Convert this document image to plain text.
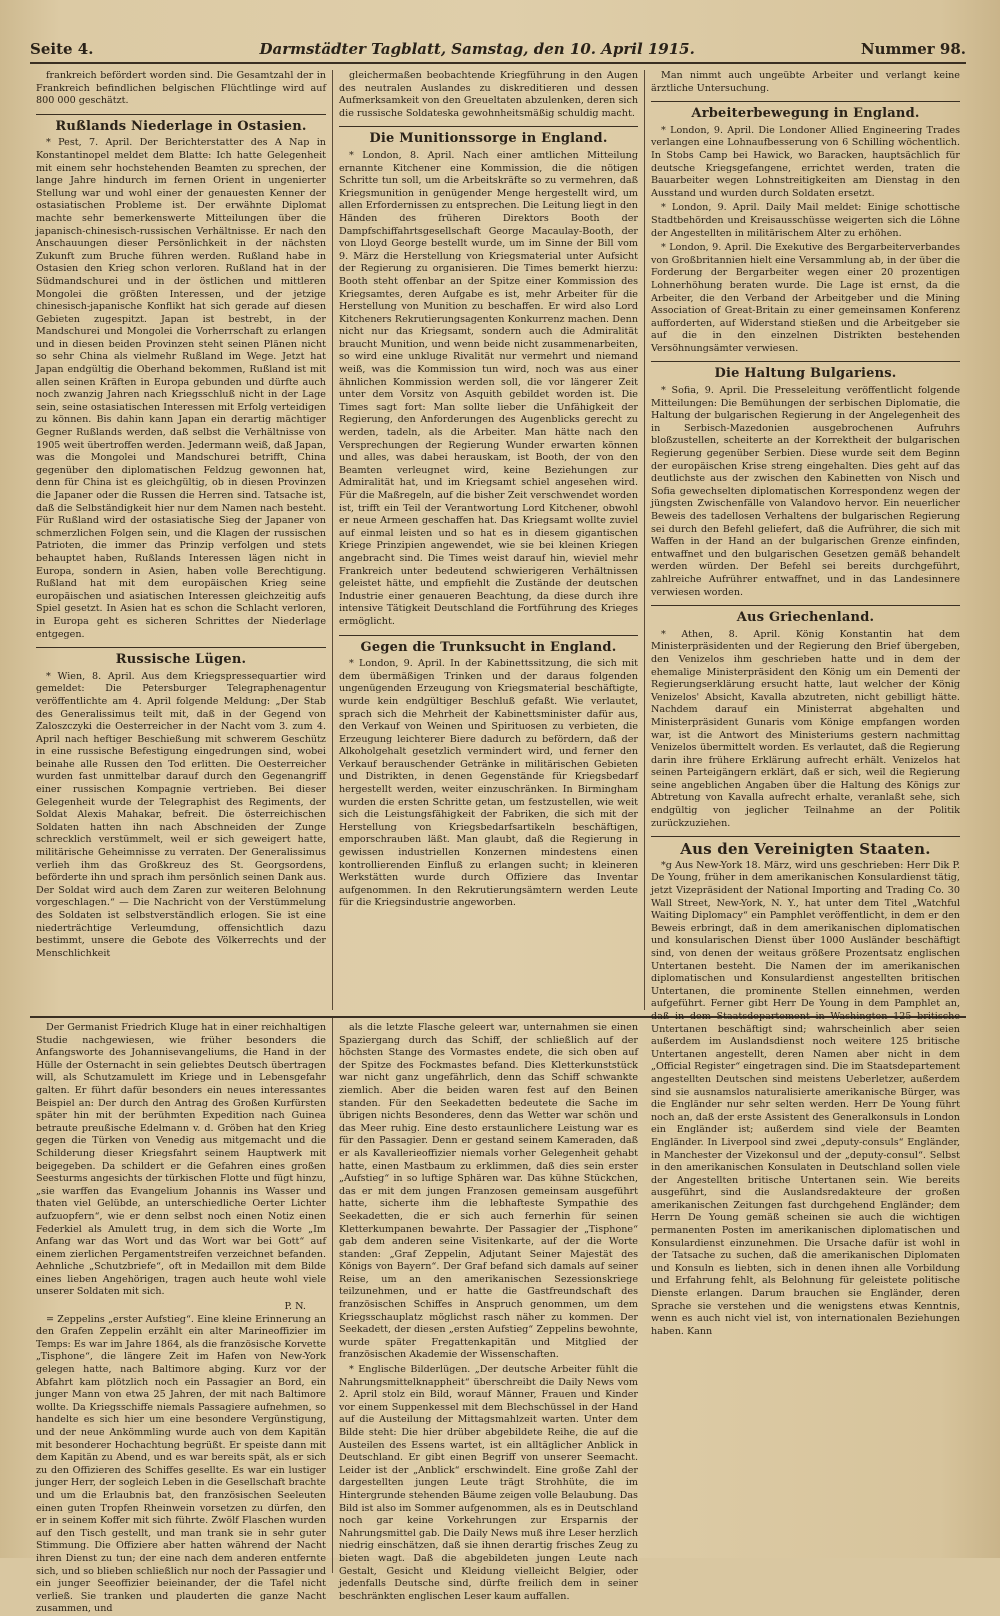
Seite 4.	Darmstädter Tagblatt, Samstag, den 10. April 1915.	Nummer 98.

frankreich befördert worden sind. Die Gesamtzahl der in Frankreich befindlichen belgischen Flüchtlinge wird auf 800 000 geschätzt.

Rußlands Niederlage in Ostasien.

* Pest, 7. April. Der Berichterstatter des A Nap in Konstantinopel meldet dem Blatte: Ich hatte Gelegenheit mit einem sehr hochstehenden Beamten zu sprechen, der lange Jahre hindurch im fernen Orient in ungenierter Stellung war und wohl einer der genauesten Kenner der ostasiatischen Probleme ist. Der erwähnte Diplomat machte sehr bemerkenswerte Mitteilungen über die japanisch-chinesisch-russischen Verhältnisse. Er nach den Anschauungen dieser Persönlichkeit in der nächsten Zukunft zum Bruche führen werden. Rußland habe in Ostasien den Krieg schon verloren. Rußland hat in der Südmandschurei und in der östlichen und mittleren Mongolei die größten Interessen, und der jetzige chinesisch-japanische Konflikt hat sich gerade auf diesen Gebieten zugespitzt. Japan ist bestrebt, in der Mandschurei und Mongolei die Vorherrschaft zu erlangen und in diesen beiden Provinzen steht seinen Plänen nicht so sehr China als vielmehr Rußland im Wege. Jetzt hat Japan endgültig die Oberhand bekommen, Rußland ist mit allen seinen Kräften in Europa gebunden und dürfte auch noch zwanzig Jahren nach Kriegsschluß nicht in der Lage sein, seine ostasiatischen Interessen mit Erfolg verteidigen zu können. Bis dahin kann Japan ein derartig mächtiger Gegner Rußlands werden, daß selbst die Verhältnisse von 1905 weit übertroffen werden. Jedermann weiß, daß Japan, was die Mongolei und Mandschurei betrifft, China gegenüber den diplomatischen Feldzug gewonnen hat, denn für China ist es gleichgültig, ob in diesen Provinzen die Japaner oder die Russen die Herren sind. Tatsache ist, daß die Selbständigkeit hier nur dem Namen nach besteht. Für Rußland wird der ostasiatische Sieg der Japaner von schmerzlichen Folgen sein, und die Klagen der russischen Patrioten, die immer das Prinzip verfolgen und stets behauptet haben, Rußlands Interessen lägen nicht in Europa, sondern in Asien, haben volle Berechtigung. Rußland hat mit dem europäischen Krieg seine europäischen und asiatischen Interessen gleichzeitig aufs Spiel gesetzt. In Asien hat es schon die Schlacht verloren, in Europa geht es sicheren Schrittes der Niederlage entgegen.

Russische Lügen.

* Wien, 8. April. Aus dem Kriegspressequartier wird gemeldet: Die Petersburger Telegraphenagentur veröffentlichte am 4. April folgende Meldung: „Der Stab des Generalissimus teilt mit, daß in der Gegend von Zaloszczyki die Oesterreicher in der Nacht vom 3. zum 4. April nach heftiger Beschießung mit schwerem Geschütz in eine russische Befestigung eingedrungen sind, wobei beinahe alle Russen den Tod erlitten. Die Oesterreicher wurden fast unmittelbar darauf durch den Gegenangriff einer russischen Kompagnie vertrieben. Bei dieser Gelegenheit wurde der Telegraphist des Regiments, der Soldat Alexis Mahakar, befreit. Die österreichischen Soldaten hatten ihn nach Abschneiden der Zunge schrecklich verstümmelt, weil er sich geweigert hatte, militärische Geheimnisse zu verraten. Der Generalissimus verlieh ihm das Großkreuz des St. Georgsordens, beförderte ihn und sprach ihm persönlich seinen Dank aus. Der Soldat wird auch dem Zaren zur weiteren Belohnung vorgeschlagen.“ — Die Nachricht von der Verstümmelung des Soldaten ist selbstverständlich erlogen. Sie ist eine niederträchtige Verleumdung, offensichtlich dazu bestimmt, unsere die Gebote des Völkerrechts und der Menschlichkeit

gleichermaßen beobachtende Kriegführung in den Augen des neutralen Auslandes zu diskreditieren und dessen Aufmerksamkeit von den Greueltaten abzulenken, deren sich die russische Soldateska gewohnheitsmäßig schuldig macht.

Die Munitionssorge in England.

* London, 8. April. Nach einer amtlichen Mitteilung ernannte Kitchener eine Kommission, die die nötigen Schritte tun soll, um die Arbeitskräfte so zu vermehren, daß Kriegsmunition in genügender Menge hergestellt wird, um allen Erfordernissen zu entsprechen. Die Leitung liegt in den Händen des früheren Direktors Booth der Dampfschiffahrtsgesellschaft George Macaulay-Booth, der von Lloyd George bestellt wurde, um im Sinne der Bill vom 9. März die Herstellung von Kriegsmaterial unter Aufsicht der Regierung zu organisieren. Die Times bemerkt hierzu: Booth steht offenbar an der Spitze einer Kommission des Kriegsamtes, deren Aufgabe es ist, mehr Arbeiter für die Herstellung von Munition zu beschaffen. Er wird also Lord Kitcheners Rekrutierungsagenten Konkurrenz machen. Denn nicht nur das Kriegsamt, sondern auch die Admiralität braucht Munition, und wenn beide nicht zusammenarbeiten, so wird eine unkluge Rivalität nur vermehrt und niemand weiß, was die Kommission tun wird, noch was aus einer ähnlichen Kommission werden soll, die vor längerer Zeit unter dem Vorsitz von Asquith gebildet worden ist. Die Times sagt fort: Man sollte lieber die Unfähigkeit der Regierung, den Anforderungen des Augenblicks gerecht zu werden, tadeln, als die Arbeiter. Man hätte nach den Versprechungen der Regierung Wunder erwarten können und alles, was dabei herauskam, ist Booth, der von den Beamten verleugnet wird, keine Beziehungen zur Admiralität hat, und im Kriegsamt schiel angesehen wird. Für die Maßregeln, auf die bisher Zeit verschwendet worden ist, trifft ein Teil der Verantwortung Lord Kitchener, obwohl er neue Armeen geschaffen hat. Das Kriegsamt wollte zuviel auf einmal leisten und so hat es in diesem gigantischen Kriege Prinzipien angewendet, wie sie bei kleinen Kriegen angebracht sind. Die Times weist darauf hin, wieviel mehr Frankreich unter bedeutend schwierigeren Verhältnissen geleistet hätte, und empfiehlt die Zustände der deutschen Industrie einer genaueren Beachtung, da diese durch ihre intensive Tätigkeit Deutschland die Fortführung des Krieges ermöglicht.

Gegen die Trunksucht in England.

* London, 9. April. In der Kabinettssitzung, die sich mit dem übermäßigen Trinken und der daraus folgenden ungenügenden Erzeugung von Kriegsmaterial beschäftigte, wurde kein endgültiger Beschluß gefaßt. Wie verlautet, sprach sich die Mehrheit der Kabinettsminister dafür aus, den Verkauf von Weinen und Spirituosen zu verbieten, die Erzeugung leichterer Biere dadurch zu befördern, daß der Alkoholgehalt gesetzlich vermindert wird, und ferner den Verkauf berauschender Getränke in militärischen Gebieten und Distrikten, in denen Gegenstände für Kriegsbedarf hergestellt werden, weiter einzuschränken. In Birmingham wurden die ersten Schritte getan, um festzustellen, wie weit sich die Leistungsfähigkeit der Fabriken, die sich mit der Herstellung von Kriegsbedarfsartikeln beschäftigen, emporschrauben läßt. Man glaubt, daß die Regierung in gewissen industriellen Konzernen mindestens einen kontrollierenden Einfluß zu erlangen sucht; in kleineren Werkstätten wurde durch Offiziere das Inventar aufgenommen. In den Rekrutierungsämtern werden Leute für die Kriegsindustrie angeworben.

Man nimmt auch ungeübte Arbeiter und verlangt keine ärztliche Untersuchung.

Arbeiterbewegung in England.

* London, 9. April. Die Londoner Allied Engineering Trades verlangen eine Lohnaufbesserung von 6 Schilling wöchentlich. In Stobs Camp bei Hawick, wo Baracken, hauptsächlich für deutsche Kriegsgefangene, errichtet werden, traten die Bauarbeiter wegen Lohnstreitigkeiten am Dienstag in den Ausstand und wurden durch Soldaten ersetzt.

* London, 9. April. Daily Mail meldet: Einige schottische Stadtbehörden und Kreisausschüsse weigerten sich die Löhne der Angestellten in militärischem Alter zu erhöhen.

* London, 9. April. Die Exekutive des Bergarbeiterverbandes von Großbritannien hielt eine Versammlung ab, in der über die Forderung der Bergarbeiter wegen einer 20 prozentigen Lohnerhöhung beraten wurde. Die Lage ist ernst, da die Arbeiter, die den Verband der Arbeitgeber und die Mining Association of Great-Britain zu einer gemeinsamen Konferenz aufforderten, auf Widerstand stießen und die Arbeitgeber sie auf die in den einzelnen Distrikten bestehenden Versöhnungsämter verwiesen.

Die Haltung Bulgariens.

* Sofia, 9. April. Die Presseleitung veröffentlicht folgende Mitteilungen: Die Bemühungen der serbischen Diplomatie, die Haltung der bulgarischen Regierung in der Angelegenheit des in Serbisch-Mazedonien ausgebrochenen Aufruhrs bloßzustellen, scheiterte an der Korrektheit der bulgarischen Regierung gegenüber Serbien. Diese wurde seit dem Beginn der europäischen Krise streng eingehalten. Dies geht auf das deutlichste aus der zwischen den Kabinetten von Nisch und Sofia gewechselten diplomatischen Korrespondenz wegen der jüngsten Zwischenfälle von Valandovo hervor. Ein neuerlicher Beweis des tadellosen Verhaltens der bulgarischen Regierung sei durch den Befehl geliefert, daß die Aufrührer, die sich mit Waffen in der Hand an der bulgarischen Grenze einfinden, entwaffnet und den bulgarischen Gesetzen gemäß behandelt werden würden. Der Befehl sei bereits durchgeführt, zahlreiche Aufrührer entwaffnet, und in das Landesinnere verwiesen worden.

Aus Griechenland.

* Athen, 8. April. König Konstantin hat dem Ministerpräsidenten und der Regierung den Brief übergeben, den Venizelos ihm geschrieben hatte und in dem der ehemalige Ministerpräsident den König um ein Dementi der Regierungserklärung ersucht hatte, laut welcher der König Venizelos' Absicht, Kavalla abzutreten, nicht gebilligt hätte. Nachdem darauf ein Ministerrat abgehalten und Ministerpräsident Gunaris vom Könige empfangen worden war, ist die Antwort des Ministeriums gestern nachmittag Venizelos übermittelt worden. Es verlautet, daß die Regierung darin ihre frühere Erklärung aufrecht erhält. Venizelos hat seinen Parteigängern erklärt, daß er sich, weil die Regierung seine angeblichen Angaben über die Haltung des Königs zur Abtretung von Kavalla aufrecht erhalte, veranlaßt sehe, sich endgültig von jeglicher Teilnahme an der Politik zurückzuziehen.

Aus den Vereinigten Staaten.

*g Aus New-York 18. März, wird uns geschrieben: Herr Dik P. De Young, früher in dem amerikanischen Konsulardienst tätig, jetzt Vizepräsident der National Importing and Trading Co. 30 Wall Street, New-York, N. Y., hat unter dem Titel „Watchful Waiting Diplomacy“ ein Pamphlet veröffentlicht, in dem er den Beweis erbringt, daß in dem amerikanischen diplomatischen und konsularischen Dienst über 1000 Ausländer beschäftigt sind, von denen der weitaus größere Prozentsatz englischen Untertanen besteht. Die Namen der im amerikanischen diplomatischen und Konsulardienst angestellten britischen Untertanen, die prominente Stellen einnehmen, werden aufgeführt. Ferner gibt Herr De Young in dem Pamphlet an, daß in dem Staatsdepartement in Washington 125 britische Untertanen beschäftigt sind; wahrscheinlich aber seien außerdem im Auslandsdienst noch weitere 125 britische Untertanen angestellt, deren Namen aber nicht in dem „Official Register“ eingetragen sind. Die im Staatsdepartement angestellten Deutschen sind meistens Ueberletzer, außerdem sind sie ausnamslos naturalisierte amerikanische Bürger, was die Engländer nur sehr selten werden. Herr De Young führt noch an, daß der erste Assistent des Generalkonsuls in London ein Engländer ist; außerdem sind viele der Beamten Engländer. In Liverpool sind zwei „deputy-consuls“ Engländer, in Manchester der Vizekonsul und der „deputy-consul“. Selbst in den amerikanischen Konsulaten in Deutschland sollen viele der Angestellten britische Untertanen sein. Wie bereits ausgeführt, sind die Auslandsredakteure der großen amerikanischen Zeitungen fast durchgehend Engländer; dem Herrn De Young gemäß scheinen sie auch die wichtigen permanenten Posten im amerikanischen diplomatischen und Konsulardienst einzunehmen. Die Ursache dafür ist wohl in der Tatsache zu suchen, daß die amerikanischen Diplomaten und Konsuln es liebten, sich in denen ihnen alle Vorbildung und Erfahrung fehlt, als Belohnung für geleistete politische Dienste erlangen. Darum brauchen sie Engländer, deren Sprache sie verstehen und die wenigstens etwas Kenntnis, wenn es auch nicht viel ist, von internationalen Beziehungen haben. Kann

Der Germanist Friedrich Kluge hat in einer reichhaltigen Studie nachgewiesen, wie früher besonders die Anfangsworte des Johannisevangeliums, die Hand in der Hülle der Osternacht in sein geliebtes Deutsch übertragen will, als Schutzamulett im Kriege und in Lebensgefahr galten. Er führt dafür besonders ein neues interessantes Beispiel an: Der durch den Antrag des Großen Kurfürsten später hin mit der berühmten Expedition nach Guinea betraute preußische Edelmann v. d. Gröben hat den Krieg gegen die Türken von Venedig aus mitgemacht und die Schilderung dieser Kriegsfahrt seinem Hauptwerk mit beigegeben. Da schildert er die Gefahren eines großen Seesturms angesichts der türkischen Flotte und fügt hinzu, „sie warffen das Evangelium Johannis ins Wasser und thaten viel Gelübde, an unterschiedliche Oerter Lichter aufzuopfern“, wie er denn selbst noch einen Notiz einen Federkiel als Amulett trug, in dem sich die Worte „Im Anfang war das Wort und das Wort war bei Gott“ auf einem zierlichen Pergamentstreifen verzeichnet befanden. Aehnliche „Schutzbriefe“, oft in Medaillon mit dem Bilde eines lieben Angehörigen, tragen auch heute wohl viele unserer Soldaten mit sich.

P. N.

= Zeppelins „erster Aufstieg“. Eine kleine Erinnerung an den Grafen Zeppelin erzählt ein alter Marineoffizier im Temps: Es war im Jahre 1864, als die französische Korvette „Tisphone“, die längere Zeit im Hafen von New-York gelegen hatte, nach Baltimore abging. Kurz vor der Abfahrt kam plötzlich noch ein Passagier an Bord, ein junger Mann von etwa 25 Jahren, der mit nach Baltimore wollte. Da Kriegsschiffe niemals Passagiere aufnehmen, so handelte es sich hier um eine besondere Vergünstigung, und der neue Ankömmling wurde auch von dem Kapitän mit besonderer Hochachtung begrüßt. Er speiste dann mit dem Kapitän zu Abend, und es war bereits spät, als er sich zu den Offizieren des Schiffes gesellte. Es war ein lustiger junger Herr, der sogleich Leben in die Gesellschaft brachte und um die Erlaubnis bat, den französischen Seeleuten einen guten Tropfen Rheinwein vorsetzen zu dürfen, den er in seinem Koffer mit sich führte. Zwölf Flaschen wurden auf den Tisch gestellt, und man trank sie in sehr guter Stimmung. Die Offiziere aber hatten während der Nacht ihren Dienst zu tun; der eine nach dem anderen entfernte sich, und so blieben schließlich nur noch der Passagier und ein junger Seeoffizier beieinander, der die Tafel nicht verließ. Sie tranken und plauderten die ganze Nacht zusammen, und

als die letzte Flasche geleert war, unternahmen sie einen Spaziergang durch das Schiff, der schließlich auf der höchsten Stange des Vormastes endete, die sich oben auf der Spitze des Fockmastes befand. Dies Kletterkunststück war nicht ganz ungefährlich, denn das Schiff schwankte ziemlich. Aber die beiden waren fest auf den Beinen standen. Für den Seekadetten bedeutete die Sache im übrigen nichts Besonderes, denn das Wetter war schön und das Meer ruhig. Eine desto erstaunlichere Leistung war es für den Passagier. Denn er gestand seinem Kameraden, daß er als Kavallerieoffizier niemals vorher Gelegenheit gehabt hatte, einen Mastbaum zu erklimmen, daß dies sein erster „Aufstieg“ in so luftige Sphären war. Das kühne Stückchen, das er mit dem jungen Franzosen gemeinsam ausgeführt hatte, sicherte ihm die lebhafteste Sympathie des Seekadetten, die er sich auch fernerhin für seinen Kletterkumpanen bewahrte. Der Passagier der „Tisphone“ gab dem anderen seine Visitenkarte, auf der die Worte standen: „Graf Zeppelin, Adjutant Seiner Majestät des Königs von Bayern“. Der Graf befand sich damals auf seiner Reise, um an den amerikanischen Sezessionskriege teilzunehmen, und er hatte die Gastfreundschaft des französischen Schiffes in Anspruch genommen, um dem Kriegsschauplatz möglichst rasch näher zu kommen. Der Seekadett, der diesen „ersten Aufstieg“ Zeppelins bewohnte, wurde später Fregattenkapitän und Mitglied der französischen Akademie der Wissenschaften.

* Englische Bilderlügen. „Der deutsche Arbeiter fühlt die Nahrungsmittelknappheit“ überschreibt die Daily News vom 2. April stolz ein Bild, worauf Männer, Frauen und Kinder vor einem Suppenkessel mit dem Blechschüssel in der Hand auf die Austeilung der Mittagsmahlzeit warten. Unter dem Bilde steht: Die hier drüber abgebildete Reihe, die auf die Austeilen des Essens wartet, ist ein alltäglicher Anblick in Deutschland. Er gibt einen Begriff von unserer Seemacht. Leider ist der „Anblick“ erschwindelt. Eine große Zahl der dargestellten jungen Leute trägt Strohhüte, die im Hintergrunde stehenden Bäume zeigen volle Belaubung. Das Bild ist also im Sommer aufgenommen, als es in Deutschland noch gar keine Vorkehrungen zur Ersparnis der Nahrungsmittel gab. Die Daily News muß ihre Leser herzlich niedrig einschätzen, daß sie ihnen derartig frisches Zeug zu bieten wagt. Daß die abgebildeten jungen Leute nach Gestalt, Gesicht und Kleidung vielleicht Belgier, oder jedenfalls Deutsche sind, dürfte freilich dem in seiner beschränkten englischen Leser kaum auffallen.
